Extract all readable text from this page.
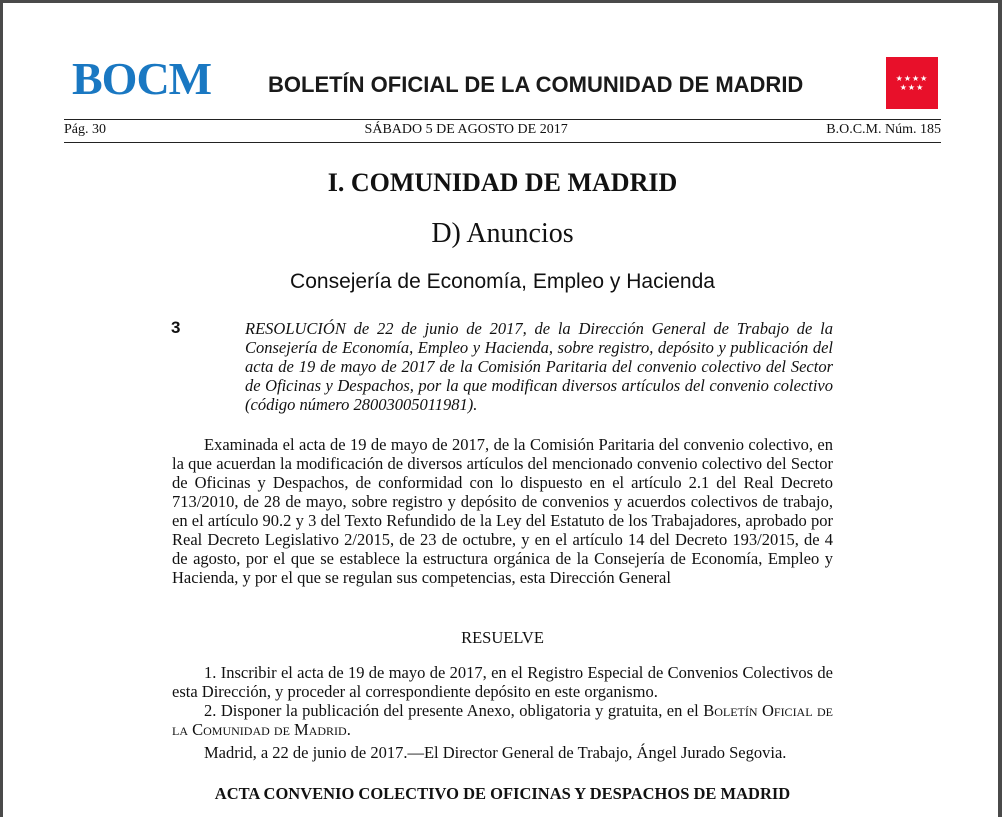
BOCM	BOLETÍN OFICIAL DE LA COMUNIDAD DE MADRID	★★★★
★★★
Pág. 30	SÁBADO 5 DE AGOSTO DE 2017	B.O.C.M. Núm. 185
I. COMUNIDAD DE MADRID
D) Anuncios
Consejería de Economía, Empleo y Hacienda
3	RESOLUCIÓN de 22 de junio de 2017, de la Dirección General de Trabajo de la Consejería de Economía, Empleo y Hacienda, sobre registro, depósito y publicación del acta de 19 de mayo de 2017 de la Comisión Paritaria del convenio colectivo del Sector de Oficinas y Despachos, por la que modifican diversos artículos del convenio colectivo (código número 28003005011981).
Examinada el acta de 19 de mayo de 2017, de la Comisión Paritaria del convenio colectivo, en la que acuerdan la modificación de diversos artículos del mencionado convenio colectivo del Sector de Oficinas y Despachos, de conformidad con lo dispuesto en el artículo 2.1 del Real Decreto 713/2010, de 28 de mayo, sobre registro y depósito de convenios y acuerdos colectivos de trabajo, en el artículo 90.2 y 3 del Texto Refundido de la Ley del Estatuto de los Trabajadores, aprobado por Real Decreto Legislativo 2/2015, de 23 de octubre, y en el artículo 14 del Decreto 193/2015, de 4 de agosto, por el que se establece la estructura orgánica de la Consejería de Economía, Empleo y Hacienda, y por el que se regulan sus competencias, esta Dirección General
RESUELVE
1. Inscribir el acta de 19 de mayo de 2017, en el Registro Especial de Convenios Colectivos de esta Dirección, y proceder al correspondiente depósito en este organismo.
2. Disponer la publicación del presente Anexo, obligatoria y gratuita, en el Boletín Oficial de la Comunidad de Madrid.
Madrid, a 22 de junio de 2017.—El Director General de Trabajo, Ángel Jurado Segovia.
ACTA CONVENIO COLECTIVO DE OFICINAS Y DESPACHOS DE MADRID
